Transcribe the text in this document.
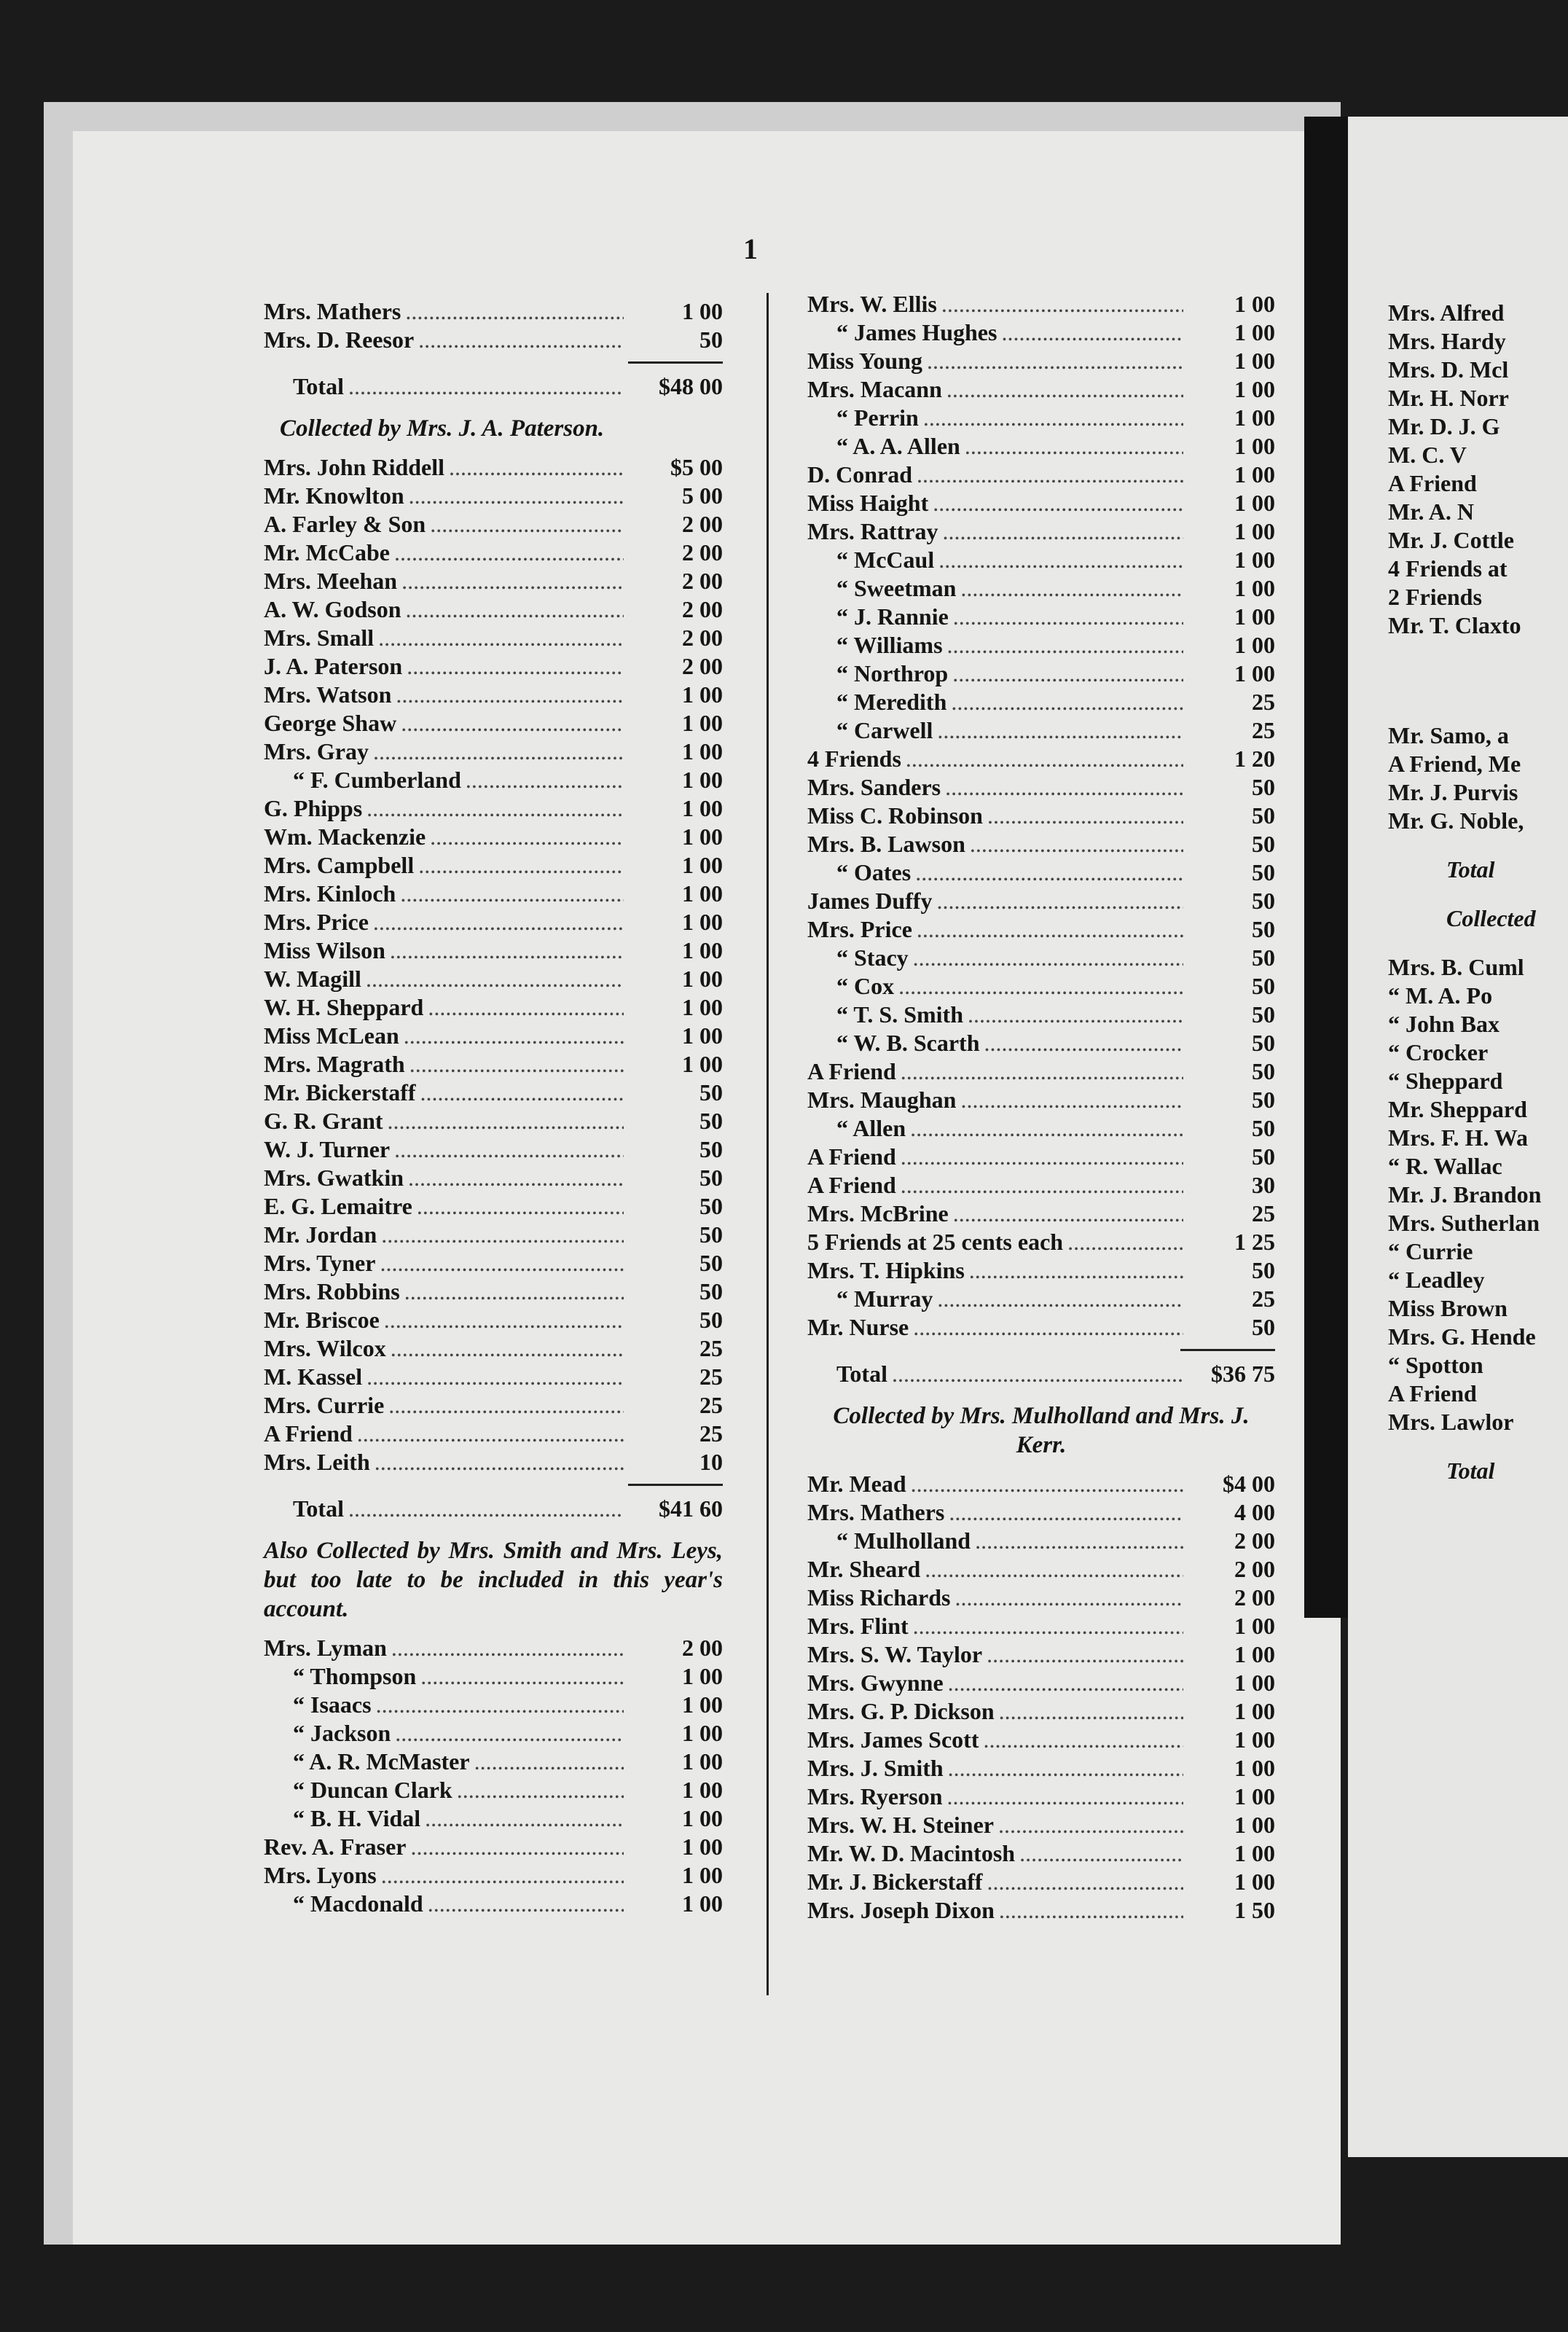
1
Mrs. Mathers .....	1 00
Mrs. D. Reesor .....	50
Total .....	$48 00
Collected by Mrs. J. A. Paterson.
Mrs. John Riddell .....	$5 00
Mr. Knowlton .....	5 00
A. Farley & Son .....	2 00
Mr. McCabe .....	2 00
Mrs. Meehan .....	2 00
A. W. Godson .....	2 00
Mrs. Small .....	2 00
J. A. Paterson .....	2 00
Mrs. Watson .....	1 00
George Shaw .....	1 00
Mrs. Gray .....	1 00
“ F. Cumberland .....	1 00
G. Phipps .....	1 00
Wm. Mackenzie .....	1 00
Mrs. Campbell .....	1 00
Mrs. Kinloch .....	1 00
Mrs. Price .....	1 00
Miss Wilson .....	1 00
W. Magill .....	1 00
W. H. Sheppard .....	1 00
Miss McLean .....	1 00
Mrs. Magrath .....	1 00
Mr. Bickerstaff .....	50
G. R. Grant .....	50
W. J. Turner .....	50
Mrs. Gwatkin .....	50
E. G. Lemaitre .....	50
Mr. Jordan .....	50
Mrs. Tyner .....	50
Mrs. Robbins .....	50
Mr. Briscoe .....	50
Mrs. Wilcox .....	25
M. Kassel .....	25
Mrs. Currie .....	25
A Friend .....	25
Mrs. Leith .....	10
Total .....	$41 60
Also Collected by Mrs. Smith and Mrs. Leys, but too late to be included in this year's account.
Mrs. Lyman .....	2 00
“ Thompson .....	1 00
“ Isaacs .....	1 00
“ Jackson .....	1 00
“ A. R. McMaster .....	1 00
“ Duncan Clark .....	1 00
“ B. H. Vidal .....	1 00
Rev. A. Fraser .....	1 00
Mrs. Lyons .....	1 00
“ Macdonald .....	1 00
Mrs. W. Ellis .....	1 00
“ James Hughes .....	1 00
Miss Young .....	1 00
Mrs. Macann .....	1 00
“ Perrin .....	1 00
“ A. A. Allen .....	1 00
D. Conrad .....	1 00
Miss Haight .....	1 00
Mrs. Rattray .....	1 00
“ McCaul .....	1 00
“ Sweetman .....	1 00
“ J. Rannie .....	1 00
“ Williams .....	1 00
“ Northrop .....	1 00
“ Meredith .....	25
“ Carwell .....	25
4 Friends .....	1 20
Mrs. Sanders .....	50
Miss C. Robinson .....	50
Mrs. B. Lawson .....	50
“ Oates .....	50
James Duffy .....	50
Mrs. Price .....	50
“ Stacy .....	50
“ Cox .....	50
“ T. S. Smith .....	50
“ W. B. Scarth .....	50
A Friend .....	50
Mrs. Maughan .....	50
“ Allen .....	50
A Friend .....	50
A Friend .....	30
Mrs. McBrine .....	25
5 Friends at 25 cents each .....	1 25
Mrs. T. Hipkins .....	50
“ Murray .....	25
Mr. Nurse .....	50
Total .....	$36 75
Collected by Mrs. Mulholland and Mrs. J. Kerr.
Mr. Mead .....	$4 00
Mrs. Mathers .....	4 00
“ Mulholland .....	2 00
Mr. Sheard .....	2 00
Miss Richards .....	2 00
Mrs. Flint .....	1 00
Mrs. S. W. Taylor .....	1 00
Mrs. Gwynne .....	1 00
Mrs. G. P. Dickson .....	1 00
Mrs. James Scott .....	1 00
Mrs. J. Smith .....	1 00
Mrs. Ryerson .....	1 00
Mrs. W. H. Steiner .....	1 00
Mr. W. D. Macintosh .....	1 00
Mr. J. Bickerstaff .....	1 00
Mrs. Joseph Dixon .....	1 50
Mrs. Alfred
Mrs. Hardy
Mrs. D. Mcl
Mr. H. Norr
Mr. D. J. G
M. C. V
A Friend
Mr. A. N
Mr. J. Cottle
4 Friends at
2 Friends
Mr. T. Claxto
Mr. Samo, a
A Friend, Me
Mr. J. Purvis
Mr. G. Noble,
Total
Collected
Mrs. B. Cuml
“ M. A. Po
“ John Bax
“ Crocker
“ Sheppard
Mr. Sheppard
Mrs. F. H. Wa
“ R. Wallac
Mr. J. Brandon
Mrs. Sutherlan
“ Currie
“ Leadley
Miss Brown
Mrs. G. Hende
“ Spotton
A Friend
Mrs. Lawlor
Total
